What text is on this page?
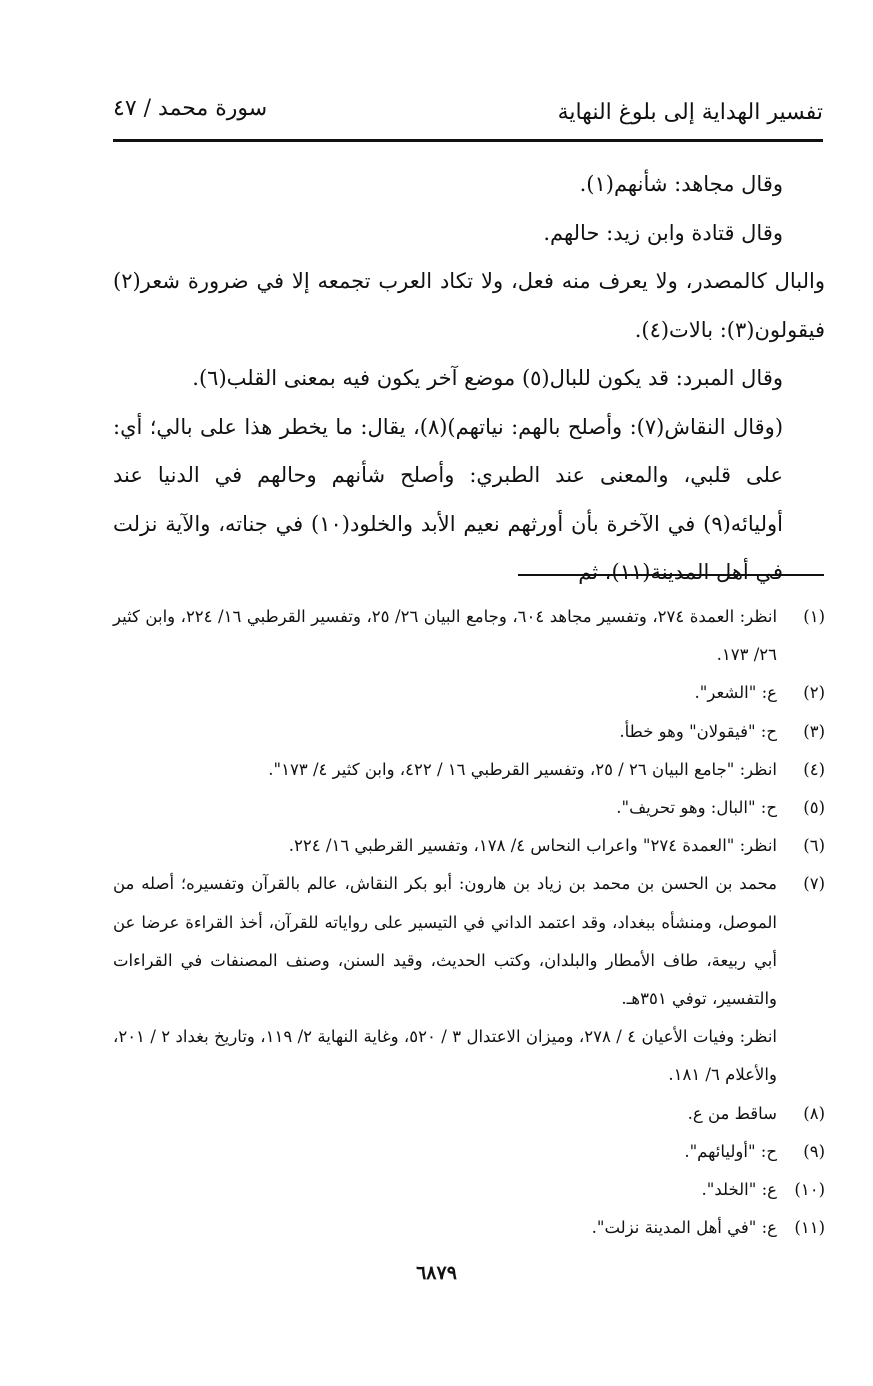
تفسير الهداية إلى بلوغ النهاية
سورة محمد / ٤٧

وقال مجاهد: شأنهم(١).

وقال قتادة وابن زيد: حالهم.

والبال كالمصدر، ولا يعرف منه فعل، ولا تكاد العرب تجمعه إلا في ضرورة شعر(٢) فيقولون(٣): بالات(٤).

وقال المبرد: قد يكون للبال(٥) موضع آخر يكون فيه بمعنى القلب(٦).

(وقال النقاش(٧): وأصلح بالهم: نياتهم)(٨)، يقال: ما يخطر هذا على بالي؛ أي: على قلبي، والمعنى عند الطبري: وأصلح شأنهم وحالهم في الدنيا عند أوليائه(٩) في الآخرة بأن أورثهم نعيم الأبد والخلود(١٠) في جناته، والآية نزلت في أهل المدينة(١١)، ثم

(١)
انظر: العمدة ٢٧٤، وتفسير مجاهد ٦٠٤، وجامع البيان ٢٦/ ٢٥، وتفسير القرطبي ١٦/ ٢٢٤، وابن كثير ٢٦/ ١٧٣.
(٢)
ع: "الشعر".
(٣)
ح: "فيقولان" وهو خطأ.
(٤)
انظر: "جامع البيان ٢٦ / ٢٥، وتفسير القرطبي ١٦ / ٤٢٢، وابن كثير ٤/ ١٧٣".
(٥)
ح: "البال: وهو تحريف".
(٦)
انظر: "العمدة ٢٧٤" واعراب النحاس ٤/ ١٧٨، وتفسير القرطبي ١٦/ ٢٢٤.
(٧)
محمد بن الحسن بن محمد بن زياد بن هارون: أبو بكر النقاش، عالم بالقرآن وتفسيره؛ أصله من الموصل، ومنشأه ببغداد، وقد اعتمد الداني في التيسير على رواياته للقرآن، أخذ القراءة عرضا عن أبي ربيعة، طاف الأمطار والبلدان، وكتب الحديث، وقيد السنن، وصنف المصنفات في القراءات والتفسير، توفي ٣٥١هـ.
انظر: وفيات الأعيان ٤ / ٢٧٨، وميزان الاعتدال ٣ / ٥٢٠، وغاية النهاية ٢/ ١١٩، وتاريخ بغداد ٢ / ٢٠١، والأعلام ٦/ ١٨١.
(٨)
ساقط من ع.
(٩)
ح: "أوليائهم".
(١٠)
ع: "الخلد".
(١١)
ع: "في أهل المدينة نزلت".
٦٨٧٩
